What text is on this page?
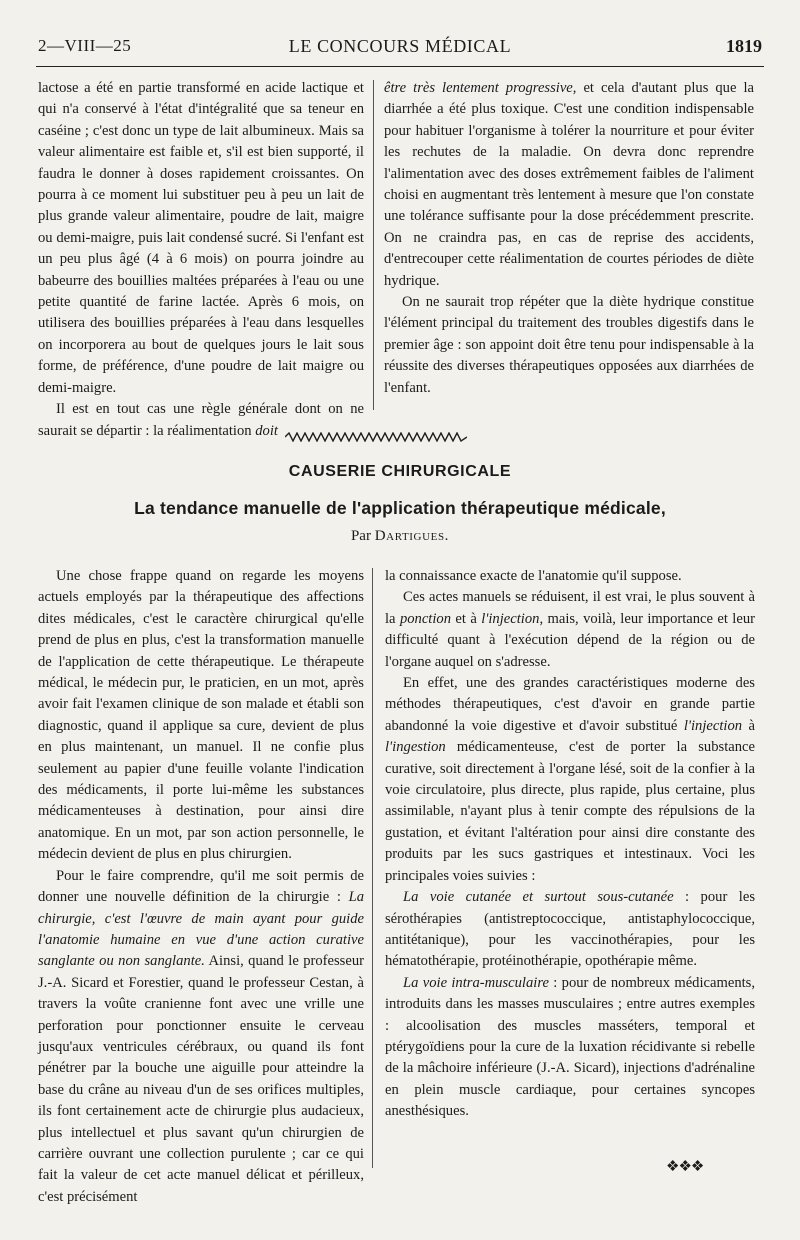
2—VIII—25	LE CONCOURS MÉDICAL	1819

lactose a été en partie transformé en acide lactique et qui n'a conservé à l'état d'intégralité que sa teneur en caséine ; c'est donc un type de lait albumineux. Mais sa valeur alimentaire est faible et, s'il est bien supporté, il faudra le donner à doses rapidement croissantes. On pourra à ce moment lui substituer peu à peu un lait de plus grande valeur alimentaire, poudre de lait, maigre ou demi-maigre, puis lait condensé sucré. Si l'enfant est un peu plus âgé (4 à 6 mois) on pourra joindre au babeurre des bouillies maltées préparées à l'eau ou une petite quantité de farine lactée. Après 6 mois, on utilisera des bouillies préparées à l'eau dans lesquelles on incorporera au bout de quelques jours le lait sous forme, de préférence, d'une poudre de lait maigre ou demi-maigre.

Il est en tout cas une règle générale dont on ne saurait se départir : la réalimentation doit

être très lentement progressive, et cela d'autant plus que la diarrhée a été plus toxique. C'est une condition indispensable pour habituer l'organisme à tolérer la nourriture et pour éviter les rechutes de la maladie. On devra donc reprendre l'alimentation avec des doses extrêmement faibles de l'aliment choisi en augmentant très lentement à mesure que l'on constate une tolérance suffisante pour la dose précédemment prescrite. On ne craindra pas, en cas de reprise des accidents, d'entrecouper cette réalimentation de courtes périodes de diète hydrique.

On ne saurait trop répéter que la diète hydrique constitue l'élément principal du traitement des troubles digestifs dans le premier âge : son appoint doit être tenu pour indispensable à la réussite des diverses thérapeutiques opposées aux diarrhées de l'enfant.

CAUSERIE CHIRURGICALE
La tendance manuelle de l'application thérapeutique médicale,
Par Dartigues.

Une chose frappe quand on regarde les moyens actuels employés par la thérapeutique des affections dites médicales, c'est le caractère chirurgical qu'elle prend de plus en plus, c'est la transformation manuelle de l'application de cette thérapeutique. Le thérapeute médical, le médecin pur, le praticien, en un mot, après avoir fait l'examen clinique de son malade et établi son diagnostic, quand il applique sa cure, devient de plus en plus maintenant, un manuel. Il ne confie plus seulement au papier d'une feuille volante l'indication des médicaments, il porte lui-même les substances médicamenteuses à destination, pour ainsi dire anatomique. En un mot, par son action personnelle, le médecin devient de plus en plus chirurgien.

Pour le faire comprendre, qu'il me soit permis de donner une nouvelle définition de la chirurgie : La chirurgie, c'est l'œuvre de main ayant pour guide l'anatomie humaine en vue d'une action curative sanglante ou non sanglante. Ainsi, quand le professeur J.-A. Sicard et Forestier, quand le professeur Cestan, à travers la voûte cranienne font avec une vrille une perforation pour ponctionner ensuite le cerveau jusqu'aux ventricules cérébraux, ou quand ils font pénétrer par la bouche une aiguille pour atteindre la base du crâne au niveau d'un de ses orifices multiples, ils font certainement acte de chirurgie plus audacieux, plus intellectuel et plus savant qu'un chirurgien de carrière ouvrant une collection purulente ; car ce qui fait la valeur de cet acte manuel délicat et périlleux, c'est précisément

la connaissance exacte de l'anatomie qu'il suppose.

Ces actes manuels se réduisent, il est vrai, le plus souvent à la ponction et à l'injection, mais, voilà, leur importance et leur difficulté quant à l'exécution dépend de la région ou de l'organe auquel on s'adresse.

En effet, une des grandes caractéristiques moderne des méthodes thérapeutiques, c'est d'avoir en grande partie abandonné la voie digestive et d'avoir substitué l'injection à l'ingestion médicamenteuse, c'est de porter la substance curative, soit directement à l'organe lésé, soit de la confier à la voie circulatoire, plus directe, plus rapide, plus certaine, plus assimilable, n'ayant plus à tenir compte des répulsions de la gustation, et évitant l'altération pour ainsi dire constante des produits par les sucs gastriques et intestinaux. Voci les principales voies suivies :

La voie cutanée et surtout sous-cutanée : pour les sérothérapies (antistreptococcique, antistaphylococcique, antitétanique), pour les vaccinothérapies, pour les hématothérapie, protéinothérapie, opothérapie même.

La voie intra-musculaire : pour de nombreux médicaments, introduits dans les masses musculaires ; entre autres exemples : alcoolisation des muscles masséters, temporal et ptérygoïdiens pour la cure de la luxation récidivante si rebelle de la mâchoire inférieure (J.-A. Sicard), injections d'adrénaline en plein muscle cardiaque, pour certaines syncopes anesthésiques.

❖❖❖
